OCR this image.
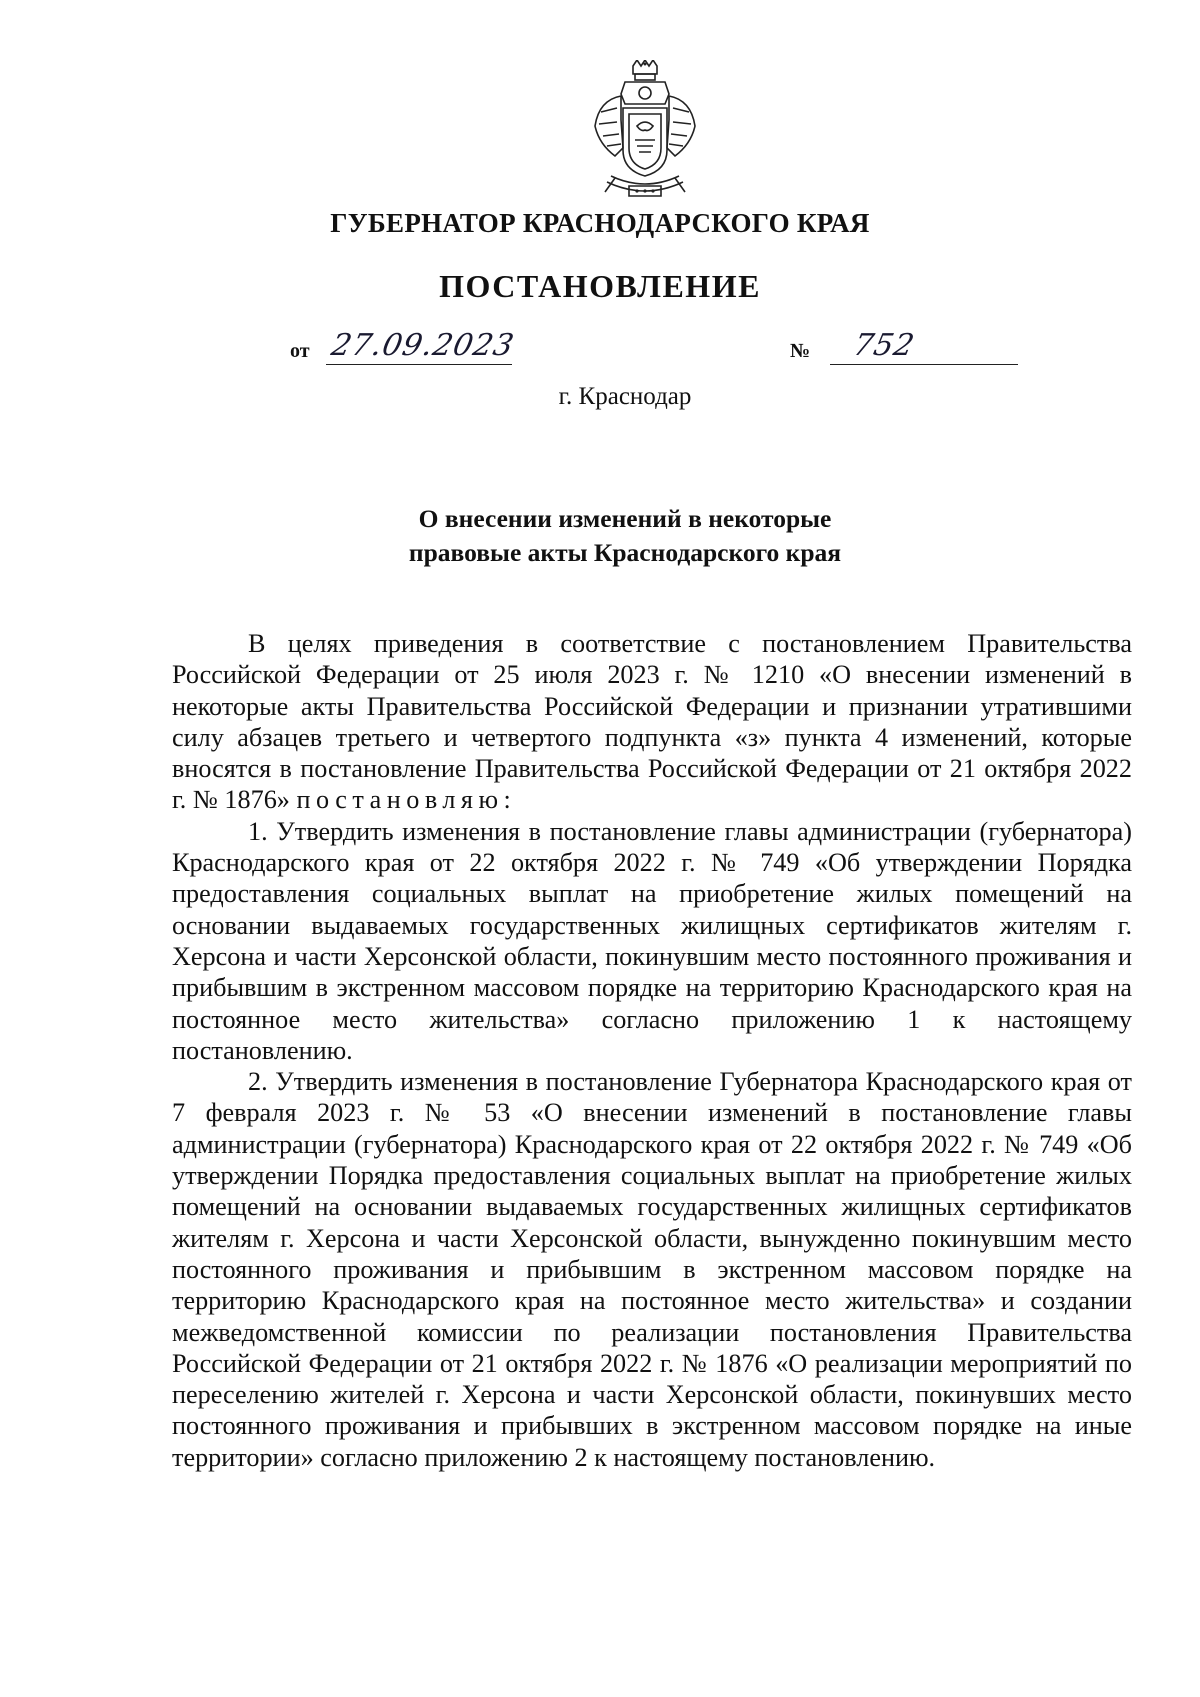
ГУБЕРНАТОР КРАСНОДАРСКОГО КРАЯ
ПОСТАНОВЛЕНИЕ
от 27.09.2023	№ 752
г. Краснодар
О внесении изменений в некоторые
правовые акты Краснодарского края

В целях приведения в соответствие с постановлением Правительства Российской Федерации от 25 июля 2023 г. № 1210 «О внесении изменений в некоторые акты Правительства Российской Федерации и признании утратившими силу абзацев третьего и четвертого подпункта «з» пункта 4 изменений, которые вносятся в постановление Правительства Российской Федерации от 21 октября 2022 г. № 1876» постановляю:

1. Утвердить изменения в постановление главы администрации (губернатора) Краснодарского края от 22 октября 2022 г. № 749 «Об утверждении Порядка предоставления социальных выплат на приобретение жилых помещений на основании выдаваемых государственных жилищных сертификатов жителям г. Херсона и части Херсонской области, покинувшим место постоянного проживания и прибывшим в экстренном массовом порядке на территорию Краснодарского края на постоянное место жительства» согласно приложению 1 к настоящему постановлению.

2. Утвердить изменения в постановление Губернатора Краснодарского края от 7 февраля 2023 г. № 53 «О внесении изменений в постановление главы администрации (губернатора) Краснодарского края от 22 октября 2022 г. № 749 «Об утверждении Порядка предоставления социальных выплат на приобретение жилых помещений на основании выдаваемых государственных жилищных сертификатов жителям г. Херсона и части Херсонской области, вынужденно покинувшим место постоянного проживания и прибывшим в экстренном массовом порядке на территорию Краснодарского края на постоянное место жительства» и создании межведомственной комиссии по реализации постановления Правительства Российской Федерации от 21 октября 2022 г. № 1876 «О реализации мероприятий по переселению жителей г. Херсона и части Херсонской области, покинувших место постоянного проживания и прибывших в экстренном массовом порядке на иные территории» согласно приложению 2 к настоящему постановлению.
